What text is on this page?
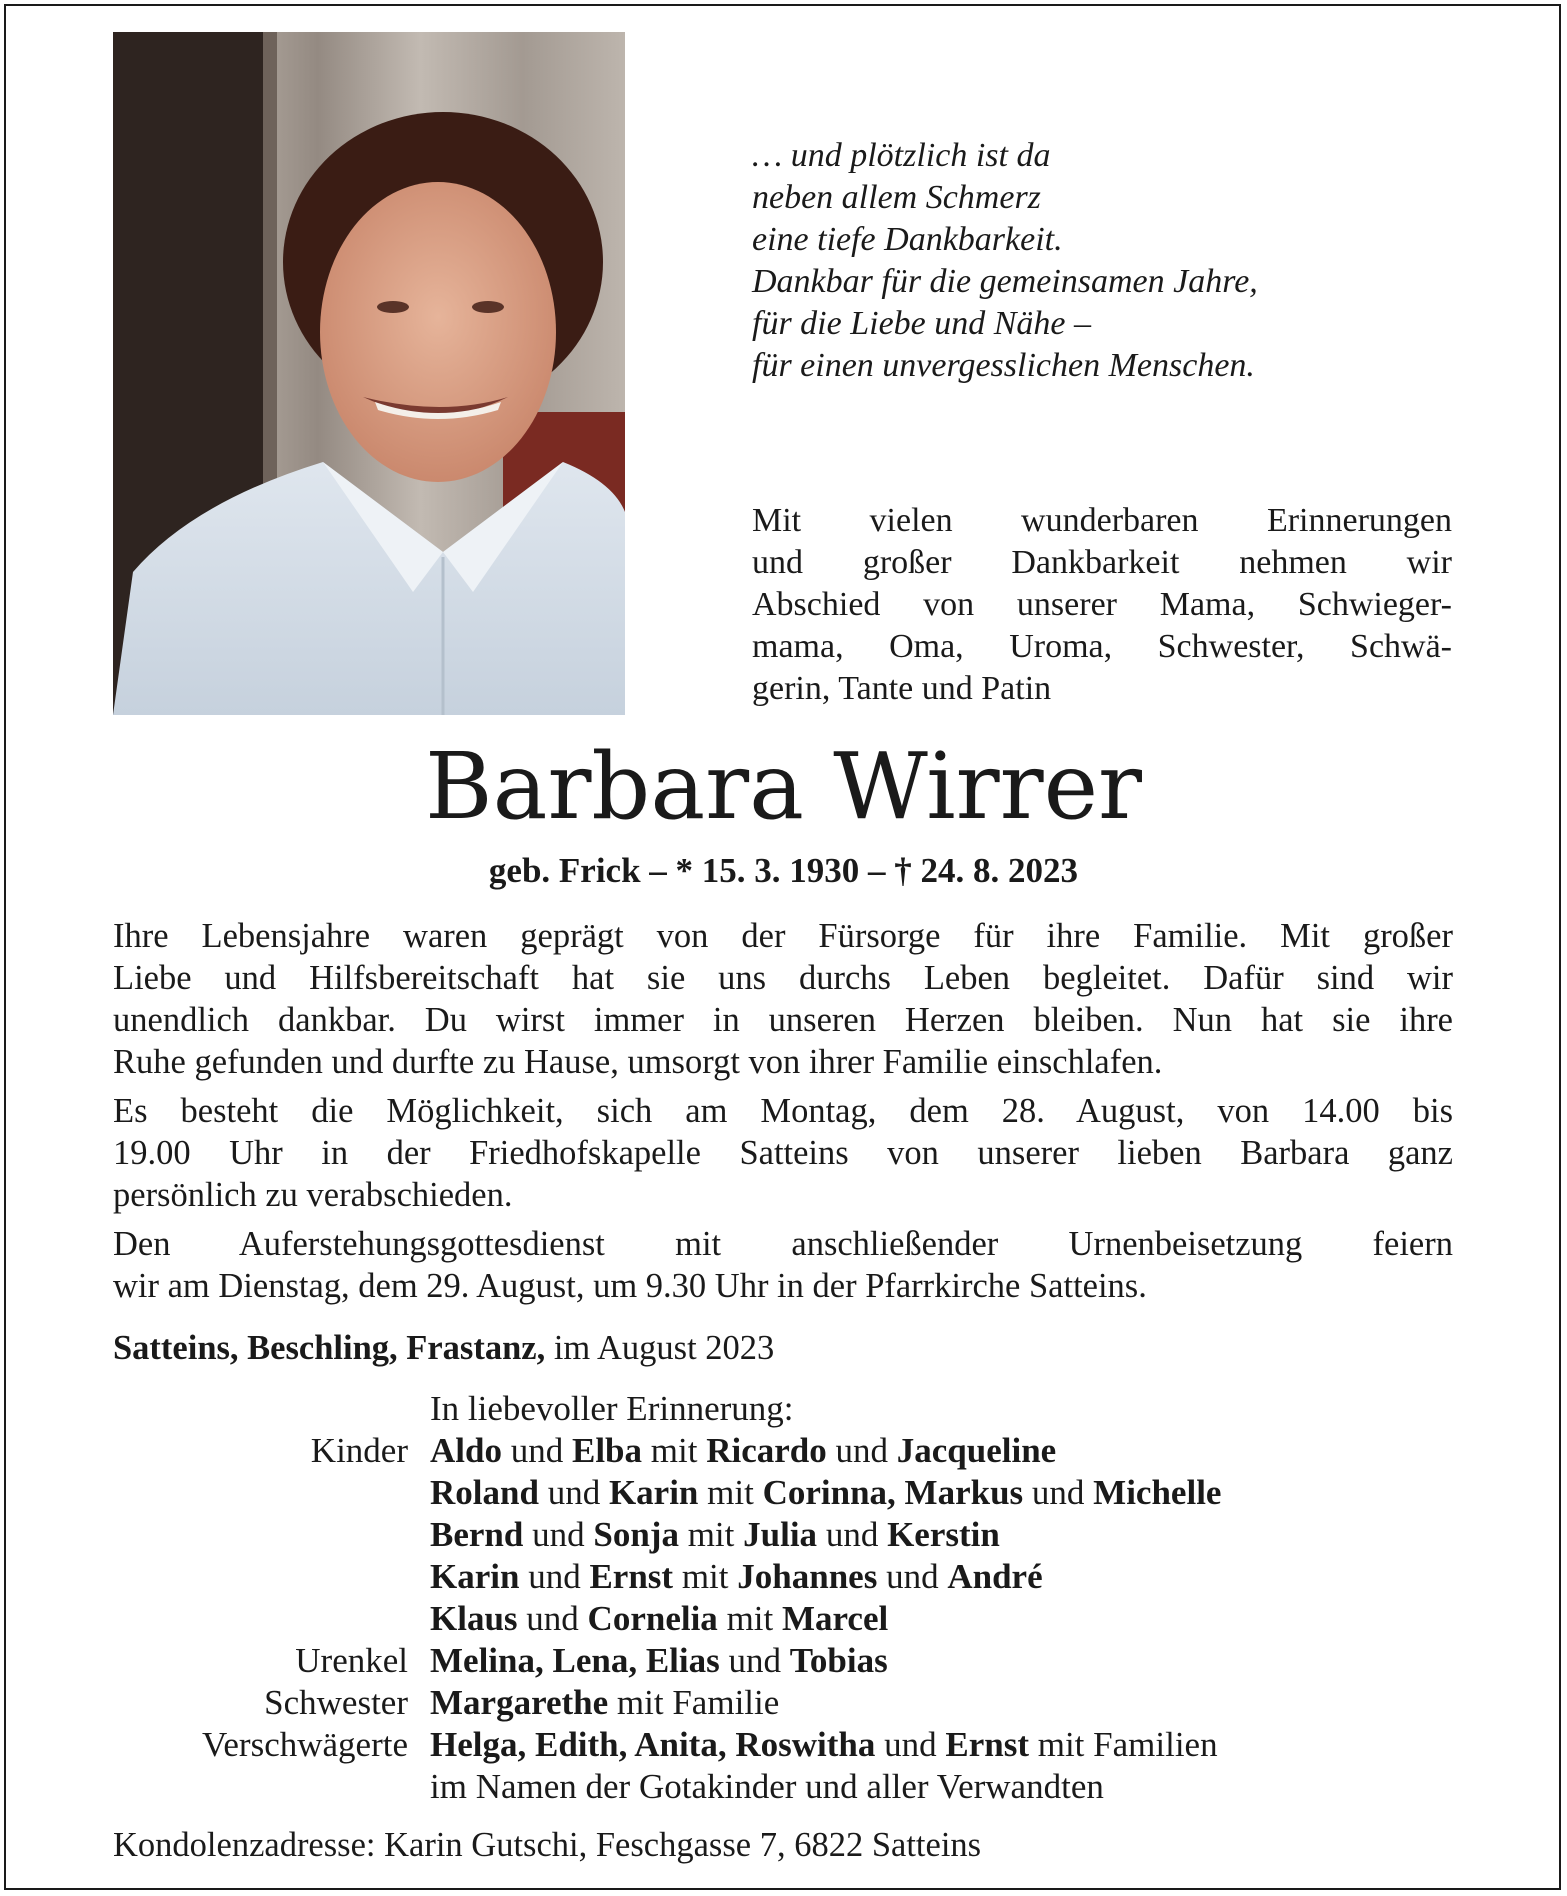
… und plötzlich ist da
neben allem Schmerz
eine tiefe Dankbarkeit.
Dankbar für die gemeinsamen Jahre,
für die Liebe und Nähe –
für einen unvergesslichen Menschen.
Mit vielen wunderbaren Erinnerungen
und großer Dankbarkeit nehmen wir
Abschied von unserer Mama, Schwieger-
mama, Oma, Uroma, Schwester, Schwä-
gerin, Tante und Patin
Barbara Wirrer
geb. Frick – * 15. 3. 1930 – † 24. 8. 2023
Ihre Lebensjahre waren geprägt von der Fürsorge für ihre Familie. Mit großer
Liebe und Hilfsbereitschaft hat sie uns durchs Leben begleitet. Dafür sind wir
unendlich dankbar. Du wirst immer in unseren Herzen bleiben. Nun hat sie ihre
Ruhe gefunden und durfte zu Hause, umsorgt von ihrer Familie einschlafen.
Es besteht die Möglichkeit, sich am Montag, dem 28. August, von 14.00 bis
19.00 Uhr in der Friedhofskapelle Satteins von unserer lieben Barbara ganz
persönlich zu verabschieden.
Den Auferstehungsgottesdienst mit anschließender Urnenbeisetzung feiern
wir am Dienstag, dem 29. August, um 9.30 Uhr in der Pfarrkirche Satteins.
Satteins, Beschling, Frastanz, im August 2023
In liebevoller Erinnerung:
Kinder Aldo und Elba mit Ricardo und Jacqueline
Roland und Karin mit Corinna, Markus und Michelle
Bernd und Sonja mit Julia und Kerstin
Karin und Ernst mit Johannes und André
Klaus und Cornelia mit Marcel
Urenkel Melina, Lena, Elias und Tobias
Schwester Margarethe mit Familie
Verschwägerte Helga, Edith, Anita, Roswitha und Ernst mit Familien
im Namen der Gotakinder und aller Verwandten
Kondolenzadresse: Karin Gutschi, Feschgasse 7, 6822 Satteins
